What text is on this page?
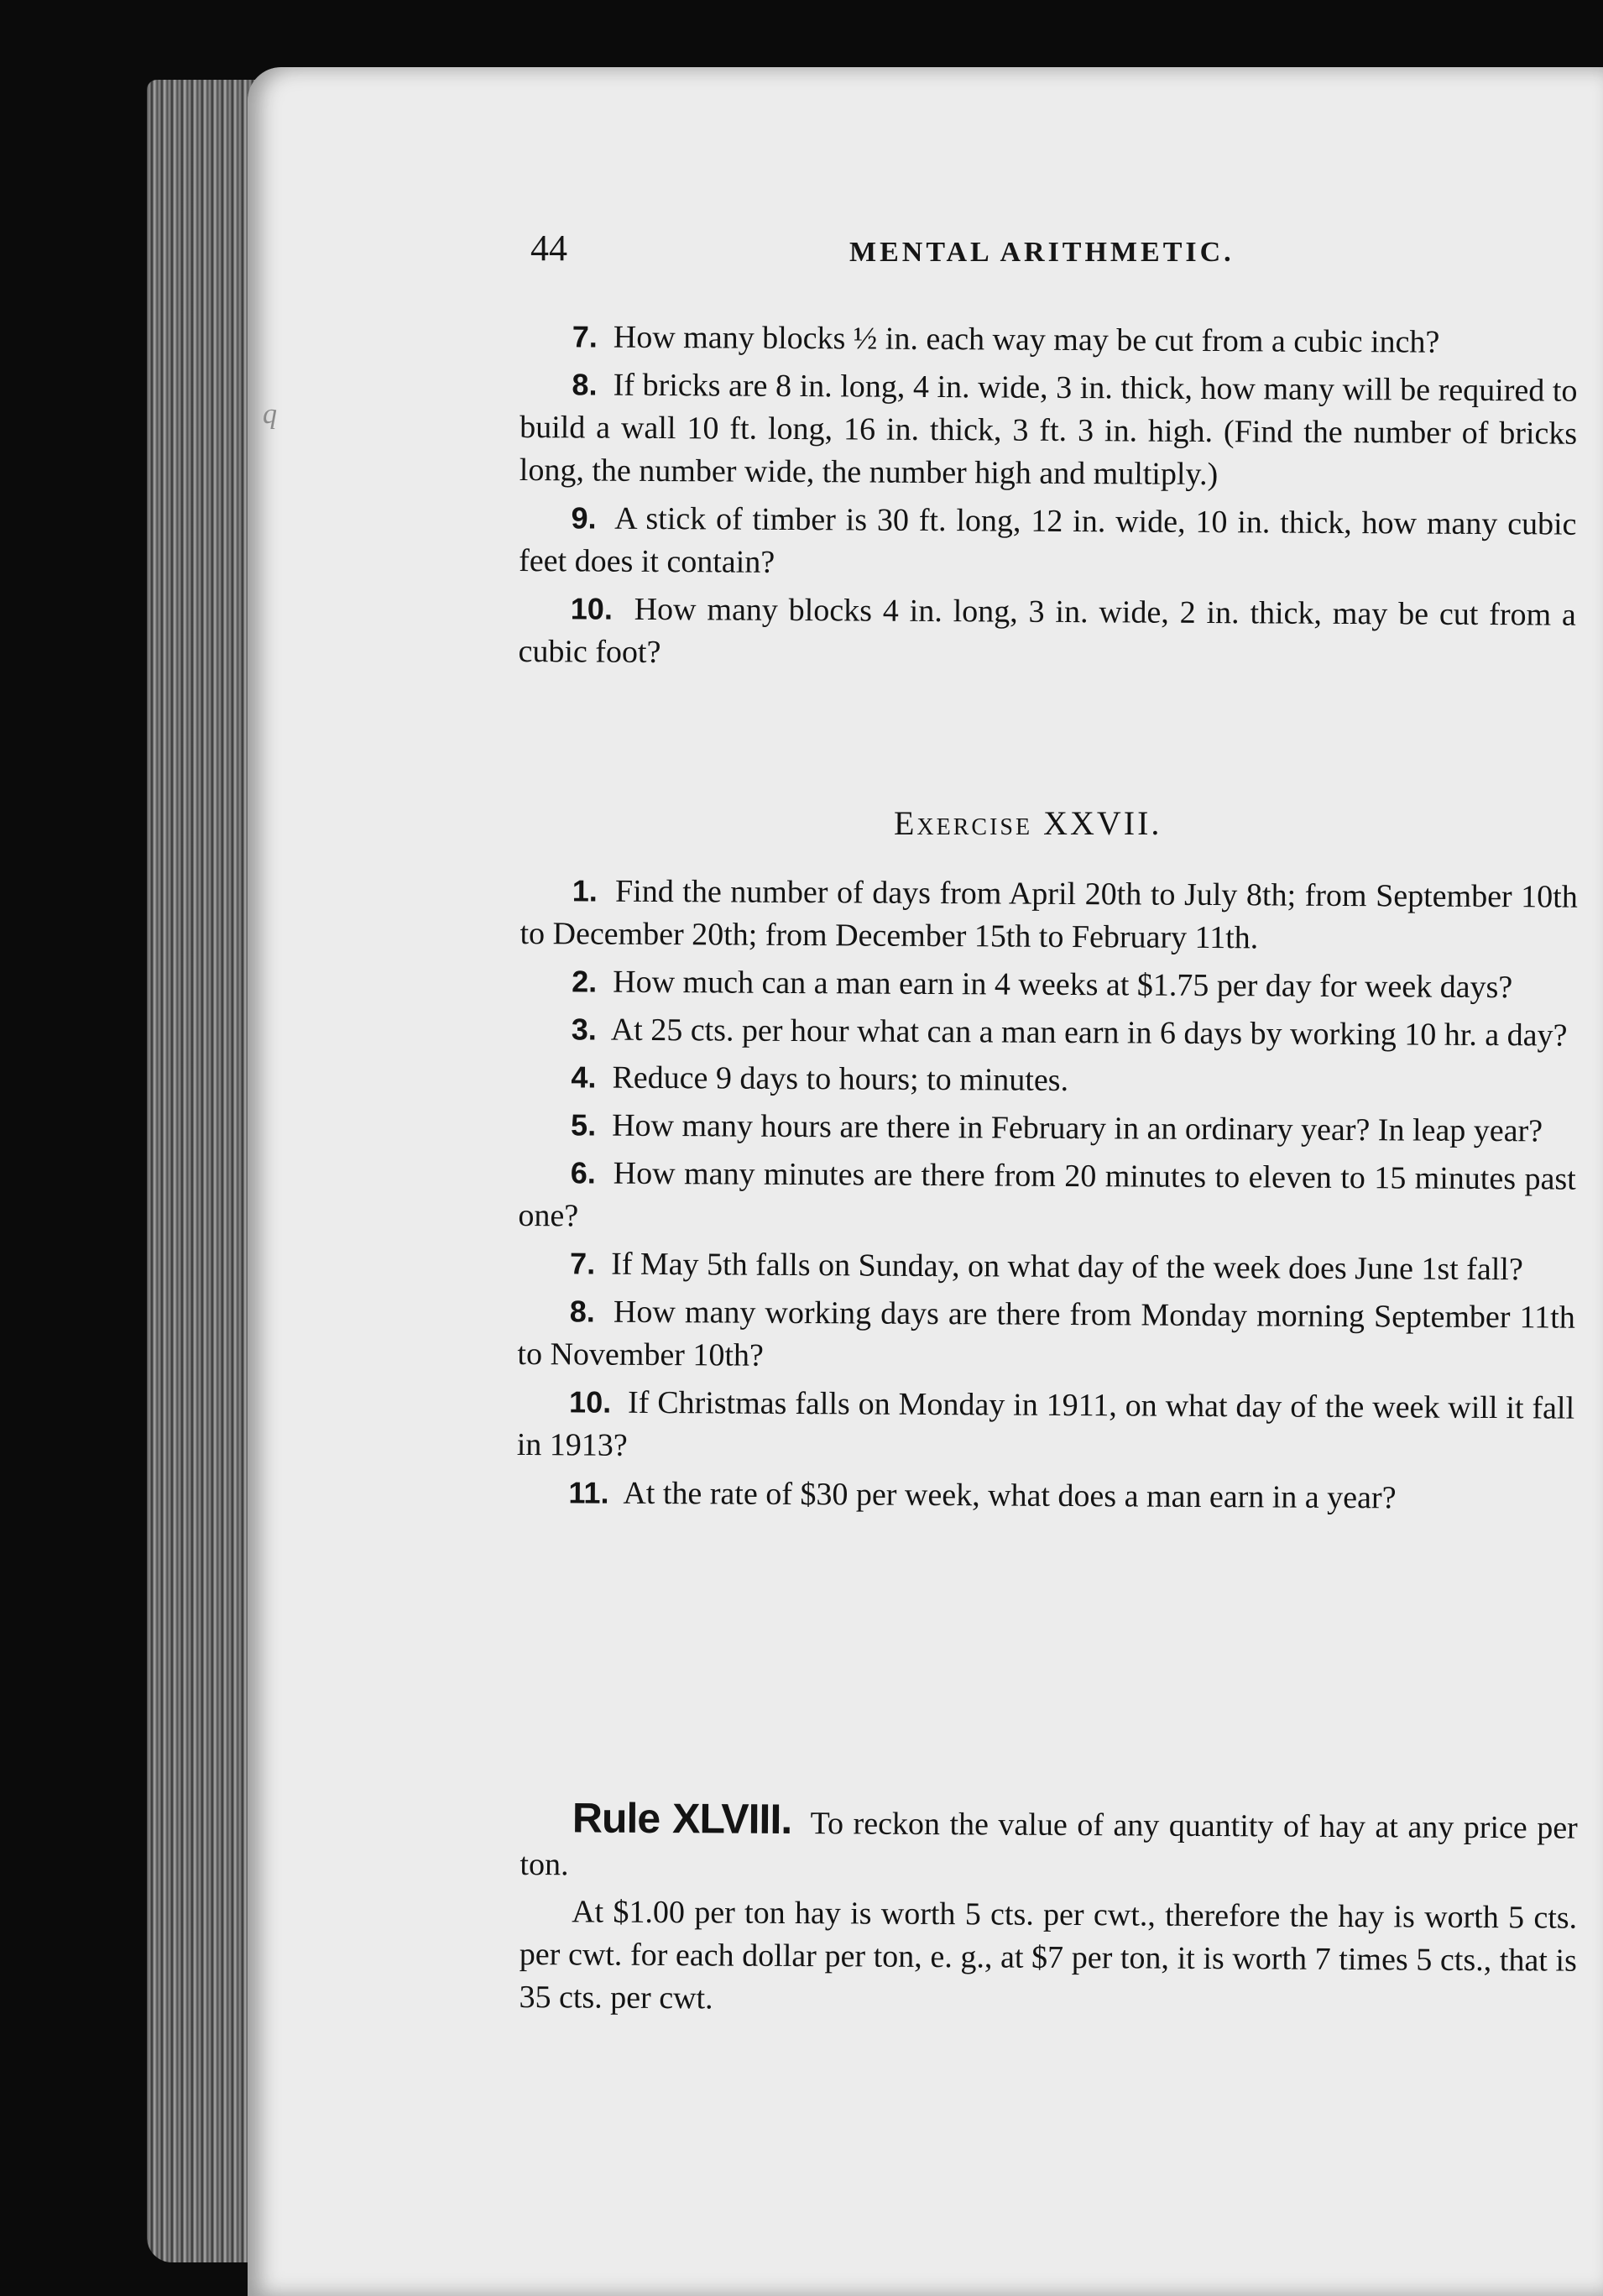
q
44	MENTAL ARITHMETIC.

7. How many blocks ½ in. each way may be cut from a cubic inch?

8. If bricks are 8 in. long, 4 in. wide, 3 in. thick, how many will be required to build a wall 10 ft. long, 16 in. thick, 3 ft. 3 in. high. (Find the number of bricks long, the number wide, the number high and multiply.)

9. A stick of timber is 30 ft. long, 12 in. wide, 10 in. thick, how many cubic feet does it contain?

10. How many blocks 4 in. long, 3 in. wide, 2 in. thick, may be cut from a cubic foot?

Exercise XXVII.

1. Find the number of days from April 20th to July 8th; from September 10th to December 20th; from December 15th to February 11th.

2. How much can a man earn in 4 weeks at $1.75 per day for week days?

3. At 25 cts. per hour what can a man earn in 6 days by working 10 hr. a day?

4. Reduce 9 days to hours; to minutes.

5. How many hours are there in February in an ordinary year? In leap year?

6. How many minutes are there from 20 minutes to eleven to 15 minutes past one?

7. If May 5th falls on Sunday, on what day of the week does June 1st fall?

8. How many working days are there from Monday morning September 11th to November 10th?

10. If Christmas falls on Monday in 1911, on what day of the week will it fall in 1913?

11. At the rate of $30 per week, what does a man earn in a year?

Rule XLVIII. To reckon the value of any quantity of hay at any price per ton.

At $1.00 per ton hay is worth 5 cts. per cwt., therefore the hay is worth 5 cts. per cwt. for each dollar per ton, e. g., at $7 per ton, it is worth 7 times 5 cts., that is 35 cts. per cwt.
